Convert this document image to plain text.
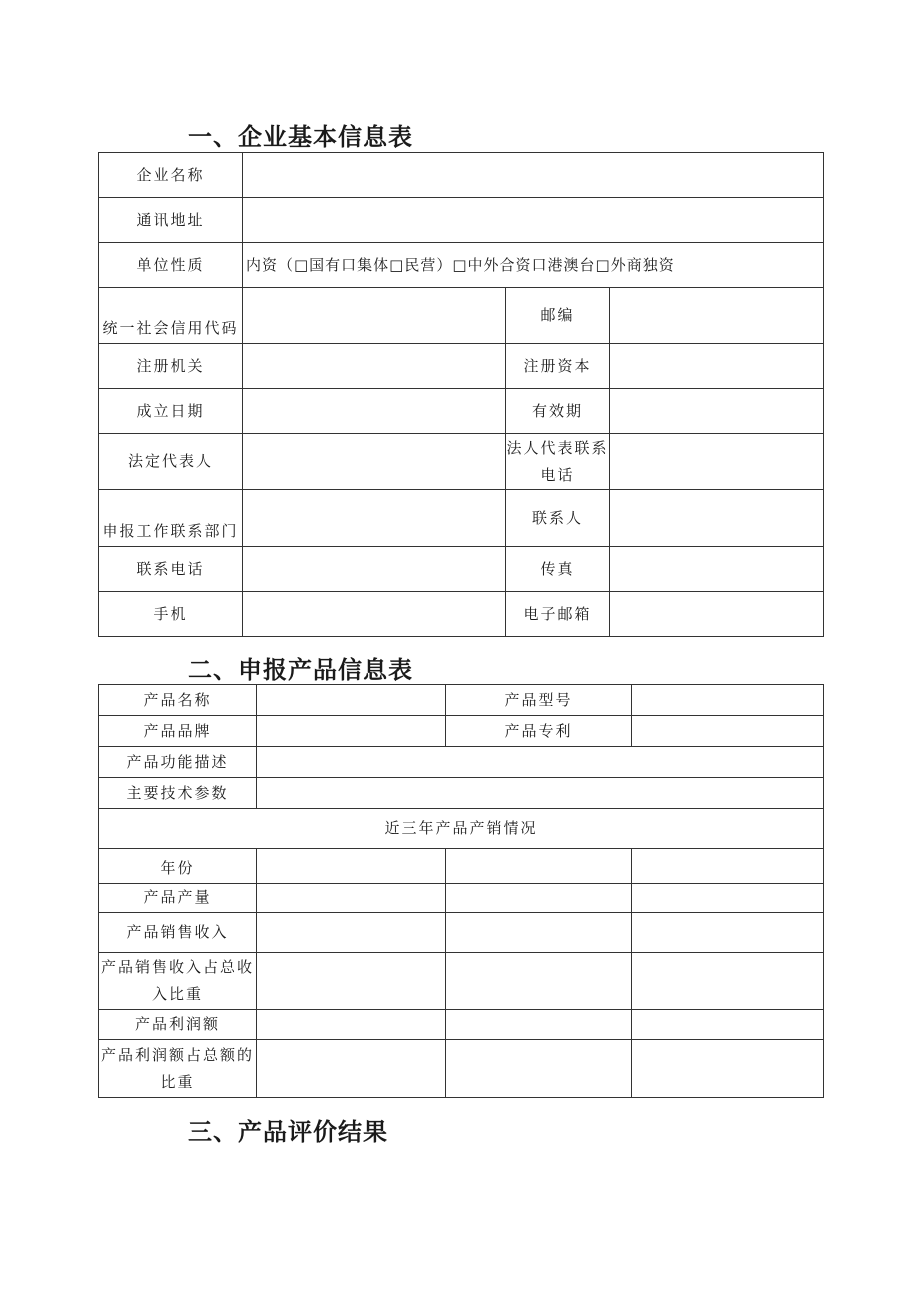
一、企业基本信息表
企业名称			
通讯地址			
单位性质	内资（□国有口集体□民营）□中外合资口港澳台□外商独资		
统一社会信用代码		邮编	
注册机关		注册资本	
成立日期		有效期	
法定代表人		法人代表联系电话	
申报工作联系部门		联系人	
联系电话		传真	
手机		电子邮箱	
二、申报产品信息表
产品名称		产品型号	
产品品牌		产品专利	
产品功能描述			
主要技术参数			
近三年产品产销情况			
年份			
产品产量			
产品销售收入			
产品销售收入占总收入比重			
产品利润额			
产品利润额占总额的比重			
三、产品评价结果
